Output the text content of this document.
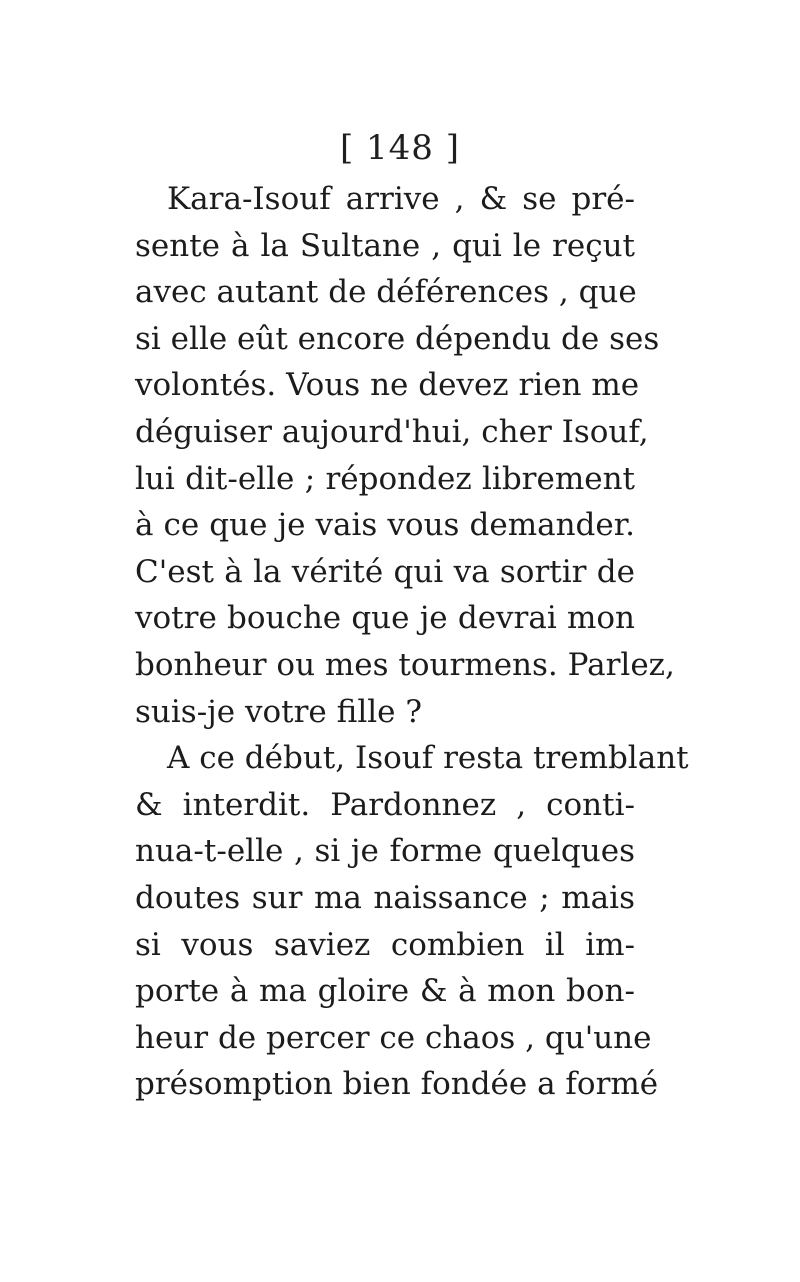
[ 148 ]
Kara-Isouf arrive , & se pré-
sente à la Sultane , qui le reçut
avec autant de déférences , que
si elle eût encore dépendu de ses
volontés. Vous ne devez rien me
déguiser aujourd'hui, cher Isouf,
lui dit-elle ; répondez librement
à ce que je vais vous demander.
C'est à la vérité qui va sortir de
votre bouche que je devrai mon
bonheur ou mes tourmens. Parlez,
suis-je votre fille ?
A ce début, Isouf resta tremblant
& interdit. Pardonnez , conti-
nua-t-elle , si je forme quelques
doutes sur ma naissance ; mais
si vous saviez combien il im-
porte à ma gloire & à mon bon-
heur de percer ce chaos , qu'une
présomption bien fondée a formé
